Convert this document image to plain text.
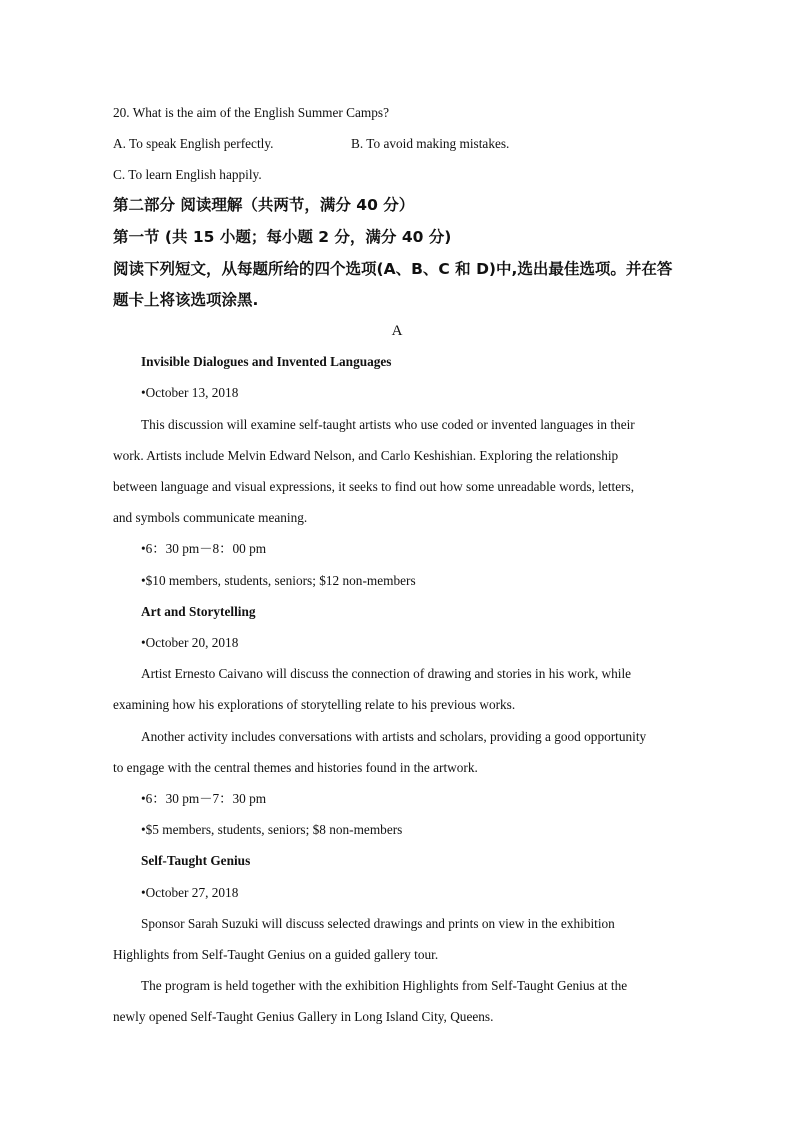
20. What is the aim of the English Summer Camps?
A. To speak English perfectly.	B. To avoid making mistakes.
C. To learn English happily.
第二部分 阅读理解（共两节，满分 40 分）
第一节 (共 15 小题；每小题 2 分，满分 40 分)
阅读下列短文，从每题所给的四个选项(A、B、C 和 D)中,选出最佳选项。并在答
题卡上将该选项涂黑.
A
Invisible Dialogues and Invented Languages
•October 13, 2018
This discussion will examine self-taught artists who use coded or invented languages in their
work. Artists include Melvin Edward Nelson, and Carlo Keshishian. Exploring the relationship
between language and visual expressions, it seeks to find out how some unreadable words, letters,
and symbols communicate meaning.
•6：30 pm－8：00 pm
•$10 members, students, seniors; $12 non-members
Art and Storytelling
•October 20, 2018
Artist Ernesto Caivano will discuss the connection of drawing and stories in his work, while
examining how his explorations of storytelling relate to his previous works.
Another activity includes conversations with artists and scholars, providing a good opportunity
to engage with the central themes and histories found in the artwork.
•6：30 pm－7：30 pm
•$5 members, students, seniors; $8 non-members
Self-Taught Genius
•October 27, 2018
Sponsor Sarah Suzuki will discuss selected drawings and prints on view in the exhibition
Highlights from Self-Taught Genius on a guided gallery tour.
The program is held together with the exhibition Highlights from Self-Taught Genius at the
newly opened Self-Taught Genius Gallery in Long Island City, Queens.
